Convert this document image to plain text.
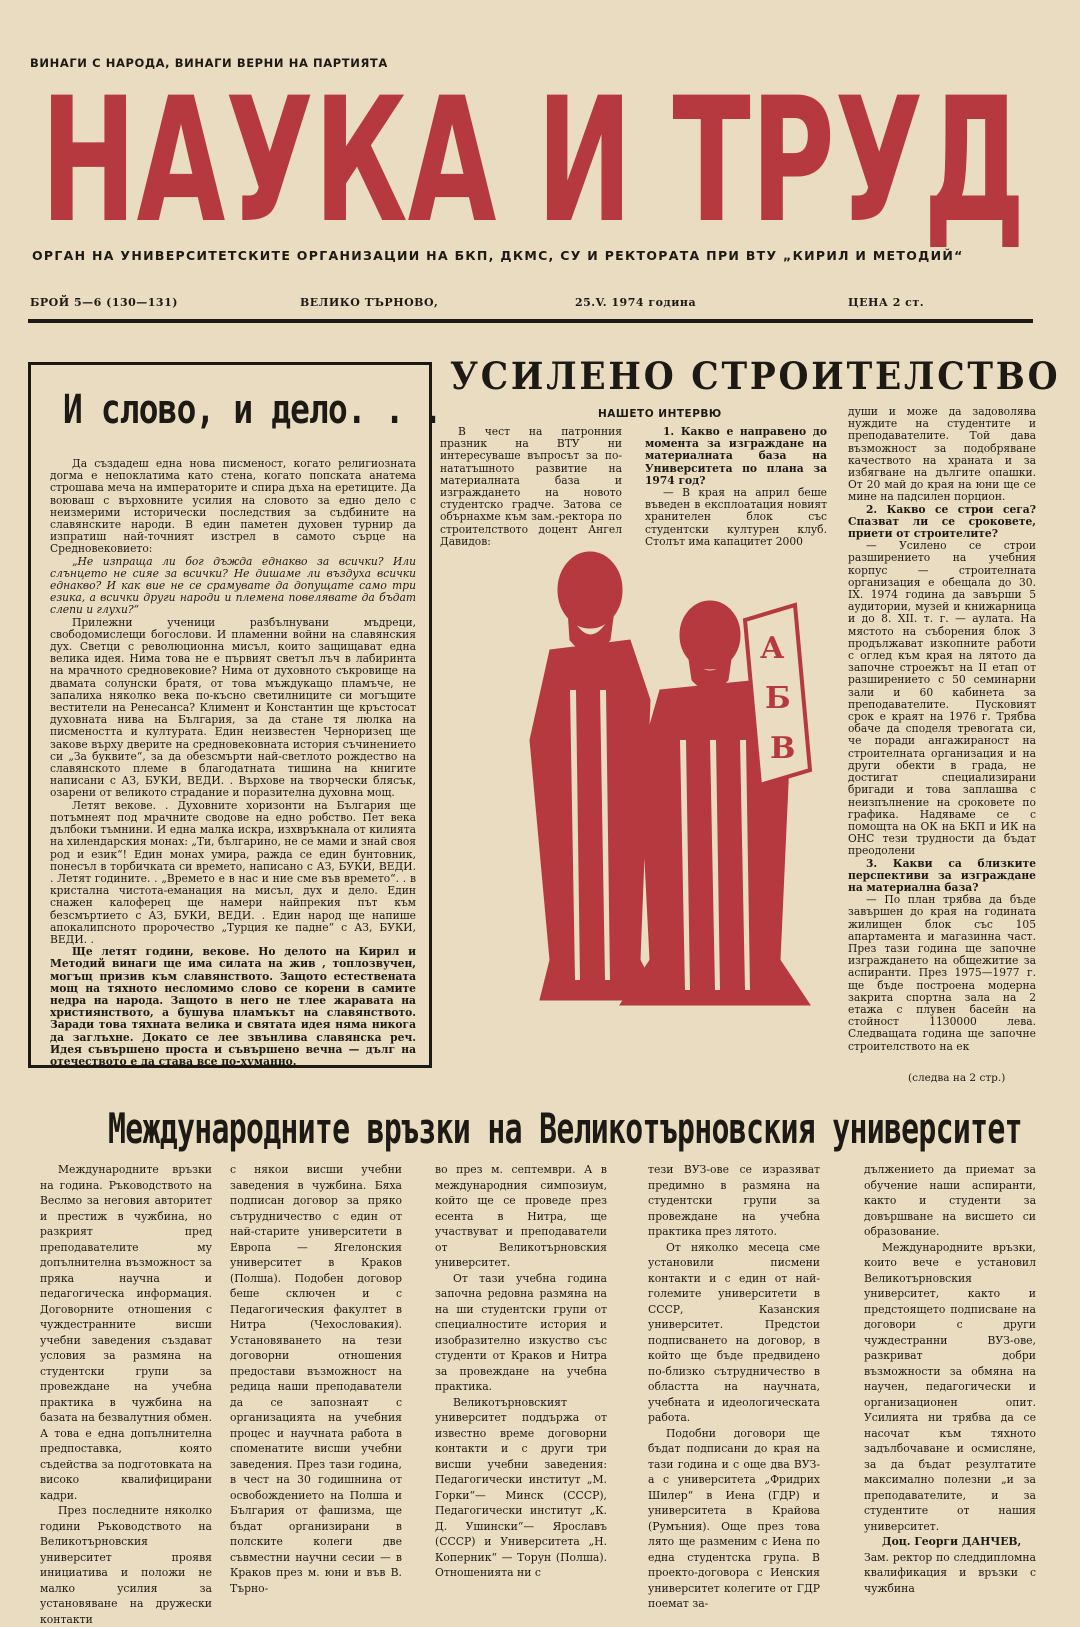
ВИНАГИ С НАРОДА, ВИНАГИ ВЕРНИ НА ПАРТИЯТА
НАУКА И ТРУД
ОРГАН НА УНИВЕРСИТЕТСКИТЕ ОРГАНИЗАЦИИ НА БКП, ДКМС, СУ И РЕКТОРАТА ПРИ ВТУ „КИРИЛ И МЕТОДИЙ“
БРОЙ 5—6 (130—131)	ВЕЛИКО ТЪРНОВО,	25.V. 1974 година	ЦЕНА 2 ст.
И слово, и дело. . .

Да създадеш една нова писменост, когато религиозната догма е непоклатима като стена, когато попската анатема строшава меча на императорите и спира дъха на еретиците. Да воюваш с върховните усилия на словото за едно дело с неизмерими исторически последствия за съдбините на славянските народи. В един паметен духовен турнир да изпратиш най-точният изстрел в самото сърце на Средновековието:

„Не изпраща ли бог дъжда еднакво за всички? Или слънцето не сияе за всички? Не дишаме ли въздуха всички еднакво? И как вие не се срамувате да допущате само три езика, а всички други народи и племена повелявате да бъдат слепи и глухи?“

Прилежни ученици разбълнувани мъдреци, свободомислещи богослови. И пламенни войни на славянския дух. Светци с революционна мисъл, които защищават една велика идея. Нима това не е първият светъл лъч в лабиринта на мрачното средновековие? Нима от духовното съкровище на двамата солунски братя, от това мъждукащо пламъче, не запалиха няколко века по-късно светилниците си могъщите вестители на Ренесанса? Климент и Константин ще кръстосат духовната нива на България, за да стане тя люлка на писмеността и културата. Един неизвестен Черноризец ще закове върху дверите на средновековната история съчинението си „За буквите“, за да обезсмърти най-светлото рождество на славянското племе в благодатната тишина на книгите написани с АЗ, БУКИ, ВЕДИ. . Върхове на творчески блясък, озарени от великото страдание и поразителна духовна мощ.

Летят векове. . Духовните хоризонти на България ще потъмнеят под мрачните сводове на едно робство. Пет века дълбоки тъмнини. И една малка искра, изхвръкнала от килията на хилендарския монах: „Ти, българино, не се мами и знай своя род и език“! Един монах умира, ражда се един бунтовник, понесъл в торбичката си времето, написано с АЗ, БУКИ, ВЕДИ. . Летят годините. . „Времето е в нас и ние сме във времето“. . в кристална чистота-еманация на мисъл, дух и дело. Един снажен калоферец ще намери найпрекия път към безсмъртието с АЗ, БУКИ, ВЕДИ. . Един народ ще напише апокалипсното пророчество „Турция ке падне“ с АЗ, БУКИ, ВЕДИ. .

Ще летят години, векове. Но делото на Кирил и Методий винаги ще има силата на жив , топлозвучен, могъщ призив към славянството. Защото естествената мощ на тяхното несломимо слово се корени в самите недра на народа. Защото в него не тлее жаравата на християнството, а бушува пламъкът на славянството. Заради това тяхната велика и святата идея няма никога да заглъхне. Докато се лее звънлива славянска реч. Идея съвършено проста и съвършено вечна — дълг на отечеството е да става все по-хуманно.

УСИЛЕНО СТРОИТЕЛСТВО
НАШЕТО ИНТЕРВЮ

В чест на патронния празник на ВТУ ни интересуваше въпросът за по-нататъшното развитие на материалната база и изграждането на новото студентско градче. Затова се обърнахме към зам.-ректора по строителството доцент Ангел Давидов:

1. Какво е направено до момента за изграждане на материалната база на Университета по плана за 1974 год?

— В края на април беше въведен в експлоатация новият хранителен блок със студентски културен клуб. Столът има капацитет 2000

души и може да задоволява нуждите на студентите и преподавателите. Той дава възможност за подобряване качеството на храната и за избягване на дългите опашки. От 20 май до края на юни ще се мине на пaдсилен порцион.

2. Какво се строи сега? Спазват ли се сроковете, приети от строителите?

— Усилено се строи разширението на учебния корпус — строителната организация е обещала до 30. IX. 1974 година да завърши 5 аудитории, музей и книжарница и до 8. XII. т. г. — аулата. На мястото на съборения блок 3 продължават изкопните работи с оглед към края на лятото да започне строежът на II етап от разширението с 50 семинарни зали и 60 кабинета за преподавателите. Пусковият срок е краят на 1976 г. Трябва обаче да споделя тревогата си, че поради ангажираност на строителната организация и на други обекти в града, не достигат специализирани бригади и това заплашва с неизпълнение на сроковете по графика. Надяваме се с помощта на ОК на БКП и ИК на ОНС тези трудности да бъдат преодолени

3. Какви са близките перспективи за изграждане на материална база?

— По план трябва да бъде завършен до края на годината жилищен блок със 105 апартамента и магазинна част. През тази година ще започне изграждането на общежитие за аспиранти. През 1975—1977 г. ще бъде построена модерна закрита спортна зала на 2 етажа с плувен басейн на стойност 1130000 лева. Следващата година ще започне строителството на ек

А
Б
В
(следва на 2 стр.)
Международните връзки на Великотърновския университет

Международните връзки на година. Ръководството на Веслмо за неговия авторитет и престиж в чужбина, но разкрият пред преподавателите му допълнителна възможност за пряка научна и педагогическа информация. Договорните отношения с чуждестранните висши учебни заведения създават условия за размяна на студентски групи за провеждане на учебна практика в чужбина на базата на безвалутния обмен. А това е една допълнителна предпоставка, която съдейства за подготовката на високо квалифицирани кадри.

През последните няколко години Ръководството на Великотърновския университет проявя инициатива и положи не малко усилия за установяване на дружески контакти

с някои висши учебни заведения в чужбина. Бяха подписан договор за пряко сътрудничество с един от най-старите университети в Европа — Ягелонския университет в Краков (Полша). Подобен договор беше сключен и с Педагогическия факултет в Нитра (Чехословакия). Установяването на тези договорни отношения предостави възможност на редица наши преподаватели да се запознаят с организацията на учебния процес и научната работа в споменатите висши учебни заведения. През тази година, в чест на 30 годишнина от освобождението на Полша и България от фашизма, ще бъдат организирани в полските колеги две съвместни научни сесии — в Краков през м. юни и във В. Търно-

во през м. септември. А в международния симпозиум, който ще се проведе през есента в Нитра, ще участвуват и преподаватели от Великотърновския университет.

От тази учебна година започна редовна размяна на на ши студентски групи от специалностите история и изобразително изкуство със студенти от Краков и Нитра за провеждане на учебна практика.

Великотърновският университет поддържа от известно време договорни контакти и с други три висши учебни заведения: Педагогически институт „М. Горки“— Минск (СССР), Педагогически институт „К. Д. Ушински“— Ярославъ (СССР) и Университета „Н. Коперник“ — Торун (Полша). Отношенията ни с

тези ВУЗ-ове се изразяват предимно в размяна на студентски групи за провеждане на учебна практика през лятото.

От няколко месеца сме установили писмени контакти и с един от най-големите университети в СССР, Казанския университет. Предстои подписването на договор, в който ще бъде предвидено по-близко сътрудничество в областта на научната, учебната и идеологическата работа.

Подобни договори ще бъдат подписани до края на тази година и с още два ВУЗ-а с университета „Фридрих Шилер“ в Иена (ГДР) и университета в Крайова (Румъния). Още през това лято ще разменим с Иена по една студентска група. В проекто-договора с Иенския университет колегите от ГДР поемат за-

дължението да приемат за обучение наши аспиранти, както и студенти за довършване на висшето си образование.

Международните връзки, които вече е установил Великотърновския университет, както и предстоящето подписване на договори с други чуждестранни ВУЗ-ове, разкриват добри възможности за обмяна на научен, педагогически и организационен опит. Усилията ни трябва да се насочат към тяхното задълбочаване и осмисляне, за да бъдат резултатите максимално полезни „и за преподавателите, и за студентите от нашия университет.

Доц. Георги ДАНЧЕВ,

Зам. ректор по следдипломна квалификация и връзки с чужбина
